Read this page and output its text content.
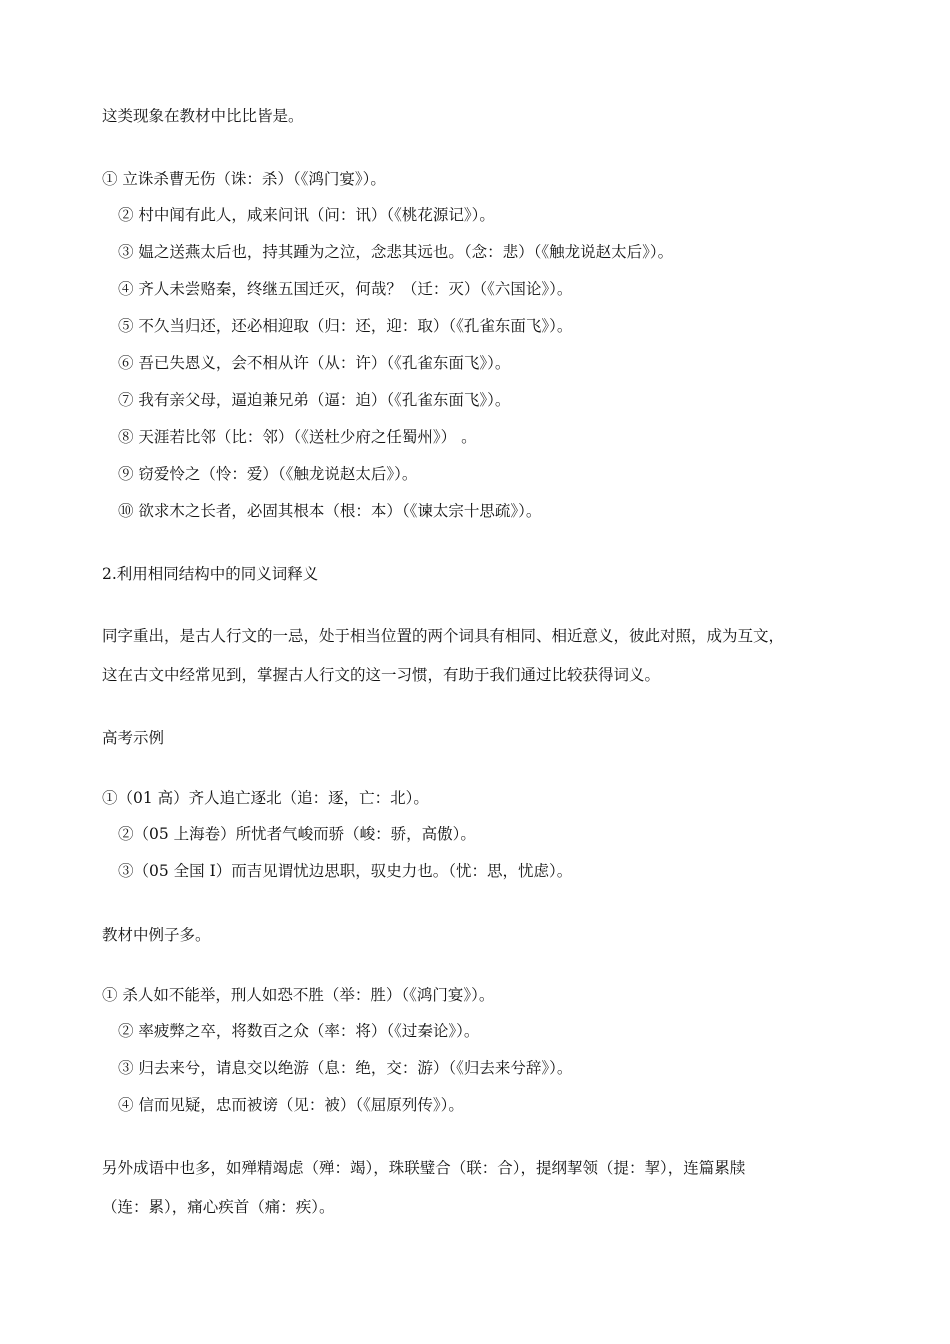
这类现象在教材中比比皆是。
① 立诛杀曹无伤（诛：杀）（《鸿门宴》）。
② 村中闻有此人，咸来问讯（问：讯）（《桃花源记》）。
③ 媪之送燕太后也，持其踵为之泣，念悲其远也。（念：悲）（《触龙说赵太后》）。
④ 齐人未尝赂秦，终继五国迁灭，何哉？（迁：灭）（《六国论》）。
⑤ 不久当归还，还必相迎取（归：还，迎：取）（《孔雀东面飞》）。
⑥ 吾已失恩义，会不相从许（从：许）（《孔雀东面飞》）。
⑦ 我有亲父母，逼迫兼兄弟（逼：迫）（《孔雀东面飞》）。
⑧ 天涯若比邻（比：邻）（《送杜少府之任蜀州》） 。
⑨ 窃爱怜之（怜：爱）（《触龙说赵太后》）。
⑩ 欲求木之长者，必固其根本（根：本）（《谏太宗十思疏》）。
2.利用相同结构中的同义词释义
同字重出，是古人行文的一忌，处于相当位置的两个词具有相同、相近意义，彼此对照，成为互文，
这在古文中经常见到，掌握古人行文的这一习惯，有助于我们通过比较获得词义。
高考示例
①（01 高）齐人追亡逐北（追：逐，亡：北）。
②（05 上海卷）所忧者气峻而骄（峻：骄，高傲）。
③（05 全国 I）而吉见谓忧边思职，驭史力也。（忧：思，忧虑）。
教材中例子多。
① 杀人如不能举，刑人如恐不胜（举：胜）（《鸿门宴》）。
② 率疲弊之卒，将数百之众（率：将）（《过秦论》）。
③ 归去来兮，请息交以绝游（息：绝，交：游）（《归去来兮辞》）。
④ 信而见疑，忠而被谤（见：被）（《屈原列传》）。
另外成语中也多，如殚精竭虑（殚：竭），珠联璧合（联：合），提纲挈领（提：挈），连篇累牍
（连：累），痛心疾首（痛：疾）。
